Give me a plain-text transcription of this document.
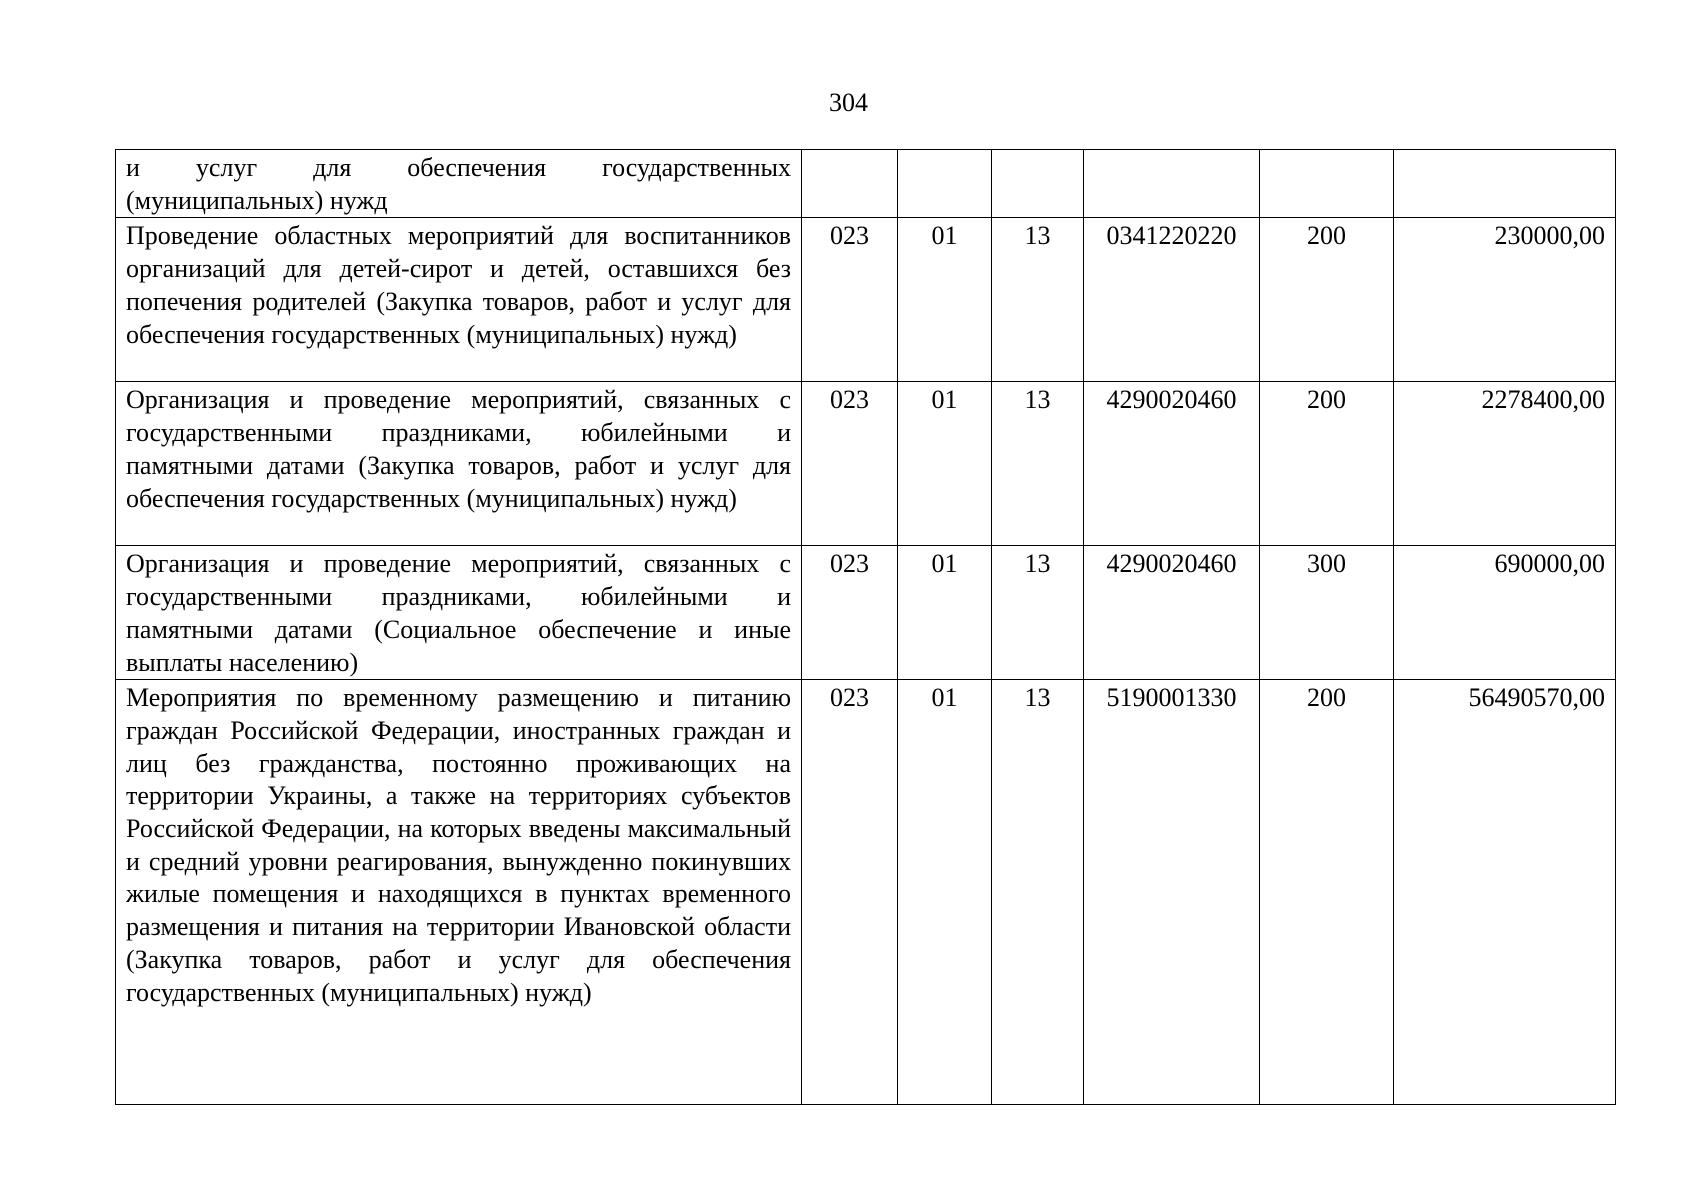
304
и услуг для обеспечения государственных (муниципальных) нужд						
Проведение областных мероприятий для воспитанников организаций для детей-сирот и детей, оставшихся без попечения родителей (Закупка товаров, работ и услуг для обеспечения государственных (муниципальных) нужд)	023	01	13	0341220220	200	230000,00
Организация и проведение мероприятий, связанных с государственными праздниками, юбилейными и памятными датами (Закупка товаров, работ и услуг для обеспечения государственных (муниципальных) нужд)	023	01	13	4290020460	200	2278400,00
Организация и проведение мероприятий, связанных с государственными праздниками, юбилейными и памятными датами (Социальное обеспечение и иные выплаты населению)	023	01	13	4290020460	300	690000,00
Мероприятия по временному размещению и питанию граждан Российской Федерации, иностранных граждан и лиц без гражданства, постоянно проживающих на территории Украины, а также на территориях субъектов Российской Федерации, на которых введены максимальный и средний уровни реагирования, вынужденно покинувших жилые помещения и находящихся в пунктах временного размещения и питания на территории Ивановской области (Закупка товаров, работ и услуг для обеспечения государственных (муниципальных) нужд)	023	01	13	5190001330	200	56490570,00
